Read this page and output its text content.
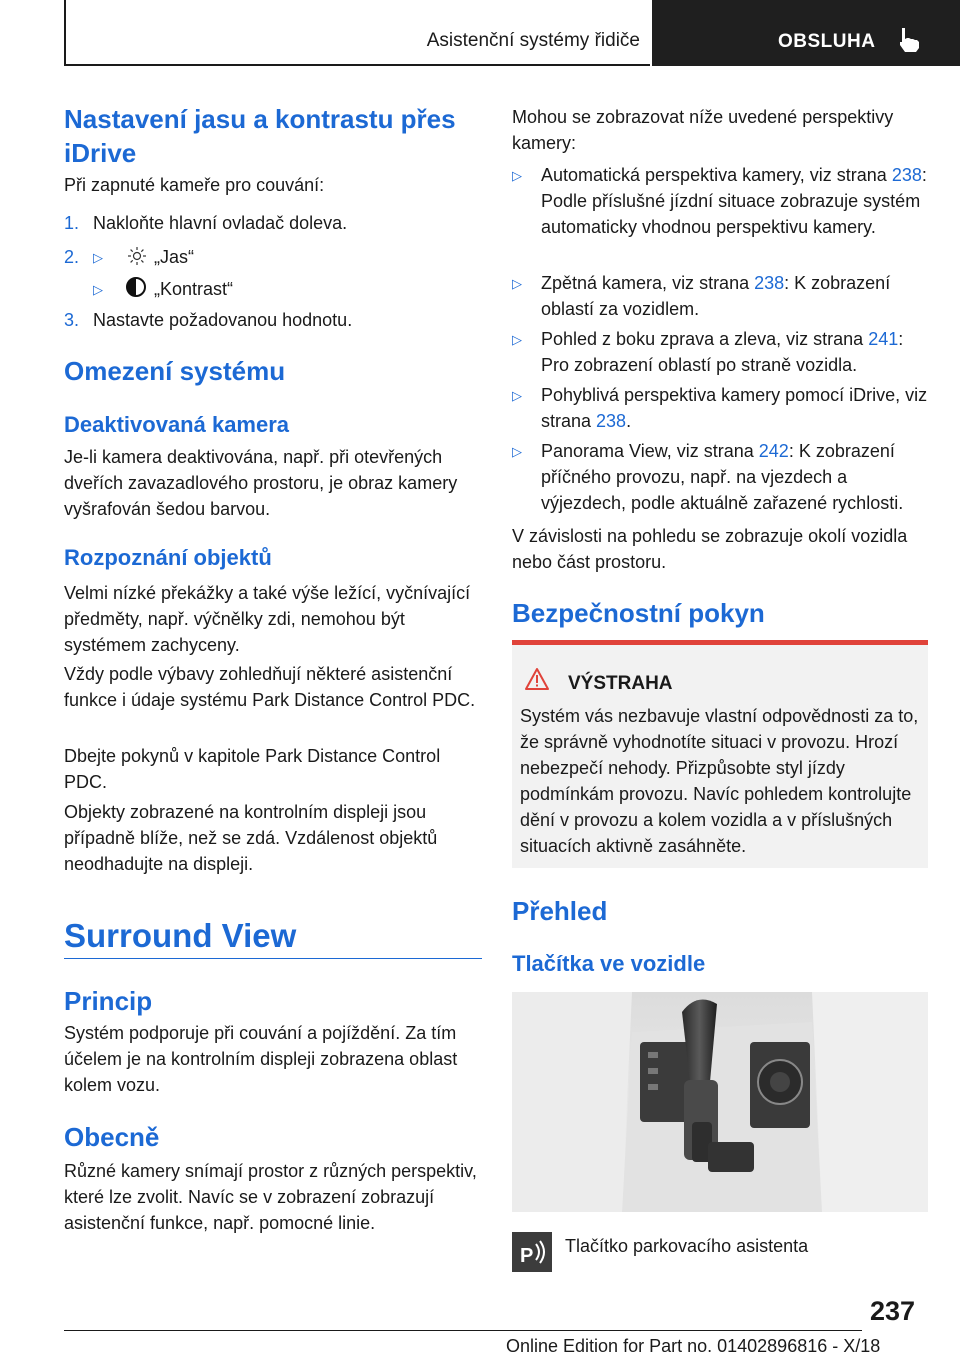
Asistenční systémy řidiče	OBSLUHA
Nastavení jasu a kontrastu přes iDrive

Při zapnuté kameře pro couvání:

1. Nakloňte hlavní ovladač doleva.

2. ▷	„Jas“

▷	„Kontrast“

3. Nastavte požadovanou hodnotu.

Omezení systému
Deaktivovaná kamera

Je-li kamera deaktivována, např. při otevřených dveřích zavazadlového prostoru, je obraz kamery vyšrafován šedou barvou.

Rozpoznání objektů

Velmi nízké překážky a také výše ležící, vyčnívající předměty, např. výčnělky zdi, nemohou být systémem zachyceny.

Vždy podle výbavy zohledňují některé asistenční funkce i údaje systému Park Distance Control PDC.

Dbejte pokynů v kapitole Park Distance Control PDC.

Objekty zobrazené na kontrolním displeji jsou případně blíže, než se zdá. Vzdálenost objektů neodhadujte na displeji.

Surround View
Princip

Systém podporuje při couvání a pojíždění. Za tím účelem je na kontrolním displeji zobrazena oblast kolem vozu.

Obecně

Různé kamery snímají prostor z různých perspektiv, které lze zvolit. Navíc se v zobrazení zobrazují asistenční funkce, např. pomocné linie.

Mohou se zobrazovat níže uvedené perspektivy kamery:

▷ Automatická perspektiva kamery, viz strana 238: Podle příslušné jízdní situace zobrazuje systém automaticky vhodnou perspektivu kamery.

▷ Zpětná kamera, viz strana 238: K zobrazení oblastí za vozidlem.

▷ Pohled z boku zprava a zleva, viz strana 241: Pro zobrazení oblastí po straně vozidla.

▷ Pohyblivá perspektiva kamery pomocí iDrive, viz strana 238.

▷ Panorama View, viz strana 242: K zobrazení příčného provozu, např. na vjezdech a výjezdech, podle aktuálně zařazené rychlosti.

V závislosti na pohledu se zobrazuje okolí vozidla nebo část prostoru.

Bezpečnostní pokyn
VÝSTRAHA
Systém vás nezbavuje vlastní odpovědnosti za to, že správně vyhodnotíte situaci v provozu. Hrozí nebezpečí nehody. Přizpůsobte styl jízdy podmínkám provozu. Navíc pohledem kontrolujte dění v provozu a kolem vozidla a v příslušných situacích aktivně zasáhněte.
Přehled
Tlačítka ve vozidle
P Tlačítko parkovacího asistenta

237
Online Edition for Part no. 01402896816 - X/18
